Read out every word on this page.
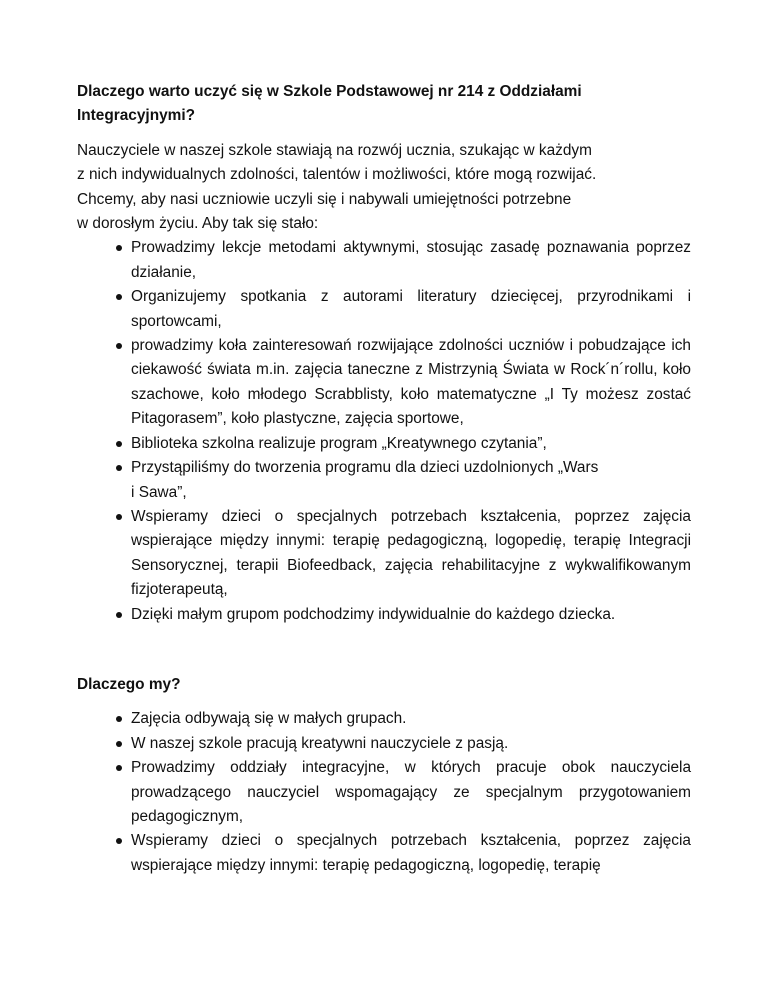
Dlaczego warto uczyć się w Szkole Podstawowej nr 214 z Oddziałami
Integracyjnymi?

Nauczyciele w naszej szkole stawiają na rozwój ucznia, szukając w każdym
z nich indywidualnych zdolności, talentów i możliwości, które mogą rozwijać.
Chcemy, aby nasi uczniowie uczyli się i nabywali umiejętności potrzebne
w dorosłym życiu. Aby tak się stało:

Prowadzimy lekcje metodami aktywnymi, stosując zasadę poznawania poprzez działanie,
Organizujemy spotkania z autorami literatury dziecięcej, przyrodnikami i sportowcami,
prowadzimy koła zainteresowań rozwijające zdolności uczniów i pobudzające ich ciekawość świata m.in. zajęcia taneczne z Mistrzynią Świata w Rock´n´rollu, koło szachowe, koło młodego Scrabblisty, koło matematyczne „I Ty możesz zostać Pitagorasem”, koło plastyczne, zajęcia sportowe,
Biblioteka szkolna realizuje program „Kreatywnego czytania”,
Przystąpiliśmy do tworzenia programu dla dzieci uzdolnionych „Wars
i Sawa”,
Wspieramy dzieci o specjalnych potrzebach kształcenia, poprzez zajęcia wspierające między innymi: terapię pedagogiczną, logopedię, terapię Integracji Sensorycznej, terapii Biofeedback, zajęcia rehabilitacyjne z wykwalifikowanym fizjoterapeutą,
Dzięki małym grupom podchodzimy indywidualnie do każdego dziecka.

Dlaczego my?

Zajęcia odbywają się w małych grupach.
W naszej szkole pracują kreatywni nauczyciele z pasją.
Prowadzimy oddziały integracyjne, w których pracuje obok nauczyciela prowadzącego nauczyciel wspomagający ze specjalnym przygotowaniem pedagogicznym,
Wspieramy dzieci o specjalnych potrzebach kształcenia, poprzez zajęcia wspierające między innymi: terapię pedagogiczną, logopedię, terapię
